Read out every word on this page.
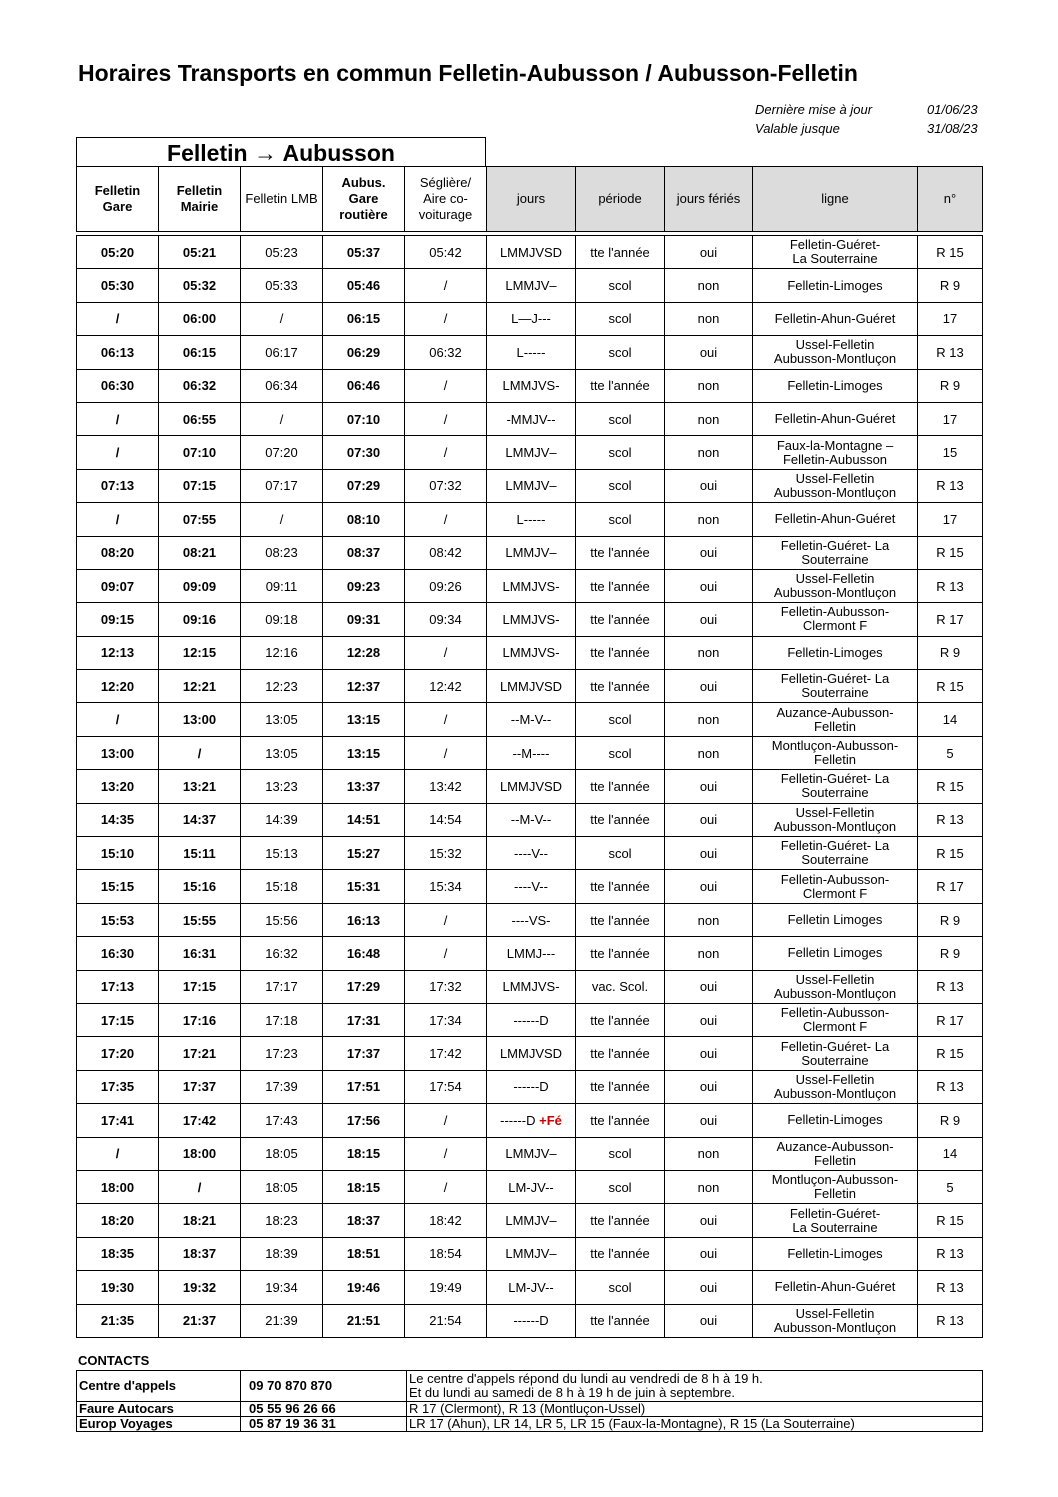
Horaires Transports en commun Felletin-Aubusson / Aubusson-Felletin
Dernière mise à jour	01/06/23
Valable jusque	31/08/23
Felletin → Aubusson
Felletin Gare	Felletin Mairie	Felletin LMB	Aubus. Gare routière	Séglière/ Aire co-voiturage	jours	période	jours fériés	ligne	n°

05:20	05:21	05:23	05:37	05:42	LMMJVSD	tte l'année	oui	Felletin-Guéret-
La Souterraine	R 15
05:30	05:32	05:33	05:46	/	LMMJV–	scol	non	Felletin-Limoges	R 9
/	06:00	/	06:15	/	L—J---	scol	non	Felletin-Ahun-Guéret	17
06:13	06:15	06:17	06:29	06:32	L-----	scol	oui	Ussel-Felletin
Aubusson-Montluçon	R 13
06:30	06:32	06:34	06:46	/	LMMJVS-	tte l'année	non	Felletin-Limoges	R 9
/	06:55	/	07:10	/	-MMJV--	scol	non	Felletin-Ahun-Guéret	17
/	07:10	07:20	07:30	/	LMMJV–	scol	non	Faux-la-Montagne –
Felletin-Aubusson	15
07:13	07:15	07:17	07:29	07:32	LMMJV–	scol	oui	Ussel-Felletin
Aubusson-Montluçon	R 13
/	07:55	/	08:10	/	L-----	scol	non	Felletin-Ahun-Guéret	17
08:20	08:21	08:23	08:37	08:42	LMMJV–	tte l'année	oui	Felletin-Guéret- La
Souterraine	R 15
09:07	09:09	09:11	09:23	09:26	LMMJVS-	tte l'année	oui	Ussel-Felletin
Aubusson-Montluçon	R 13
09:15	09:16	09:18	09:31	09:34	LMMJVS-	tte l'année	oui	Felletin-Aubusson-
Clermont F	R 17
12:13	12:15	12:16	12:28	/	LMMJVS-	tte l'année	non	Felletin-Limoges	R 9
12:20	12:21	12:23	12:37	12:42	LMMJVSD	tte l'année	oui	Felletin-Guéret- La
Souterraine	R 15
/	13:00	13:05	13:15	/	--M-V--	scol	non	Auzance-Aubusson-
Felletin	14
13:00	/	13:05	13:15	/	--M----	scol	non	Montluçon-Aubusson-
Felletin	5
13:20	13:21	13:23	13:37	13:42	LMMJVSD	tte l'année	oui	Felletin-Guéret- La
Souterraine	R 15
14:35	14:37	14:39	14:51	14:54	--M-V--	tte l'année	oui	Ussel-Felletin
Aubusson-Montluçon	R 13
15:10	15:11	15:13	15:27	15:32	----V--	scol	oui	Felletin-Guéret- La
Souterraine	R 15
15:15	15:16	15:18	15:31	15:34	----V--	tte l'année	oui	Felletin-Aubusson-
Clermont F	R 17
15:53	15:55	15:56	16:13	/	----VS-	tte l'année	non	Felletin Limoges	R 9
16:30	16:31	16:32	16:48	/	LMMJ---	tte l'année	non	Felletin Limoges	R 9
17:13	17:15	17:17	17:29	17:32	LMMJVS-	vac. Scol.	oui	Ussel-Felletin
Aubusson-Montluçon	R 13
17:15	17:16	17:18	17:31	17:34	------D	tte l'année	oui	Felletin-Aubusson-
Clermont F	R 17
17:20	17:21	17:23	17:37	17:42	LMMJVSD	tte l'année	oui	Felletin-Guéret- La
Souterraine	R 15
17:35	17:37	17:39	17:51	17:54	------D	tte l'année	oui	Ussel-Felletin
Aubusson-Montluçon	R 13
17:41	17:42	17:43	17:56	/	------D +Fé	tte l'année	oui	Felletin-Limoges	R 9
/	18:00	18:05	18:15	/	LMMJV–	scol	non	Auzance-Aubusson-
Felletin	14
18:00	/	18:05	18:15	/	LM-JV--	scol	non	Montluçon-Aubusson-
Felletin	5
18:20	18:21	18:23	18:37	18:42	LMMJV–	tte l'année	oui	Felletin-Guéret-
La Souterraine	R 15
18:35	18:37	18:39	18:51	18:54	LMMJV–	tte l'année	oui	Felletin-Limoges	R 13
19:30	19:32	19:34	19:46	19:49	LM-JV--	scol	oui	Felletin-Ahun-Guéret	R 13
21:35	21:37	21:39	21:51	21:54	------D	tte l'année	oui	Ussel-Felletin
Aubusson-Montluçon	R 13
CONTACTS
Centre d'appels	09 70 870 870	Le centre d'appels répond du lundi au vendredi de 8 h à 19 h.
Et du lundi au samedi de 8 h à 19 h de juin à septembre.
Faure Autocars	05 55 96 26 66	R 17 (Clermont), R 13 (Montluçon-Ussel)
Europ Voyages	05 87 19 36 31	LR 17 (Ahun), LR 14, LR 5, LR 15 (Faux-la-Montagne), R 15 (La Souterraine)
